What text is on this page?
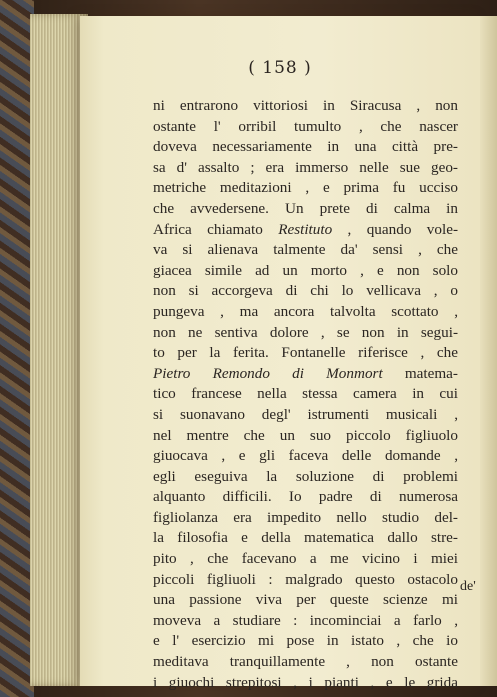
( 158 )
ni entrarono vittoriosi in Siracusa , non
ostante l' orribil tumulto , che nascer
doveva necessariamente in una città pre-
sa d' assalto ; era immerso nelle sue geo-
metriche meditazioni , e prima fu ucciso
che avvedersene. Un prete di calma in
Africa chiamato Restituto , quando vole-
va si alienava talmente da' sensi , che
giacea simile ad un morto , e non solo
non si accorgeva di chi lo vellicava , o
pungeva , ma ancora talvolta scottato ,
non ne sentiva dolore , se non in segui-
to per la ferita. Fontanelle riferisce , che
Pietro Remondo di Monmort matema-
tico francese nella stessa camera in cui
si suonavano degl' istrumenti musicali ,
nel mentre che un suo piccolo figliuolo
giuocava , e gli faceva delle domande ,
egli eseguiva la soluzione di problemi
alquanto difficili. Io padre di numerosa
figliolanza era impedito nello studio del-
la filosofia e della matematica dallo stre-
pito , che facevano a me vicino i miei
piccoli figliuoli : malgrado questo ostacolo
una passione viva per queste scienze mi
moveva a studiare : incominciai a farlo ,
e l' esercizio mi pose in istato , che io
meditava tranquillamente , non ostante
i giuochi strepitosi , i pianti , e le grida
de'
